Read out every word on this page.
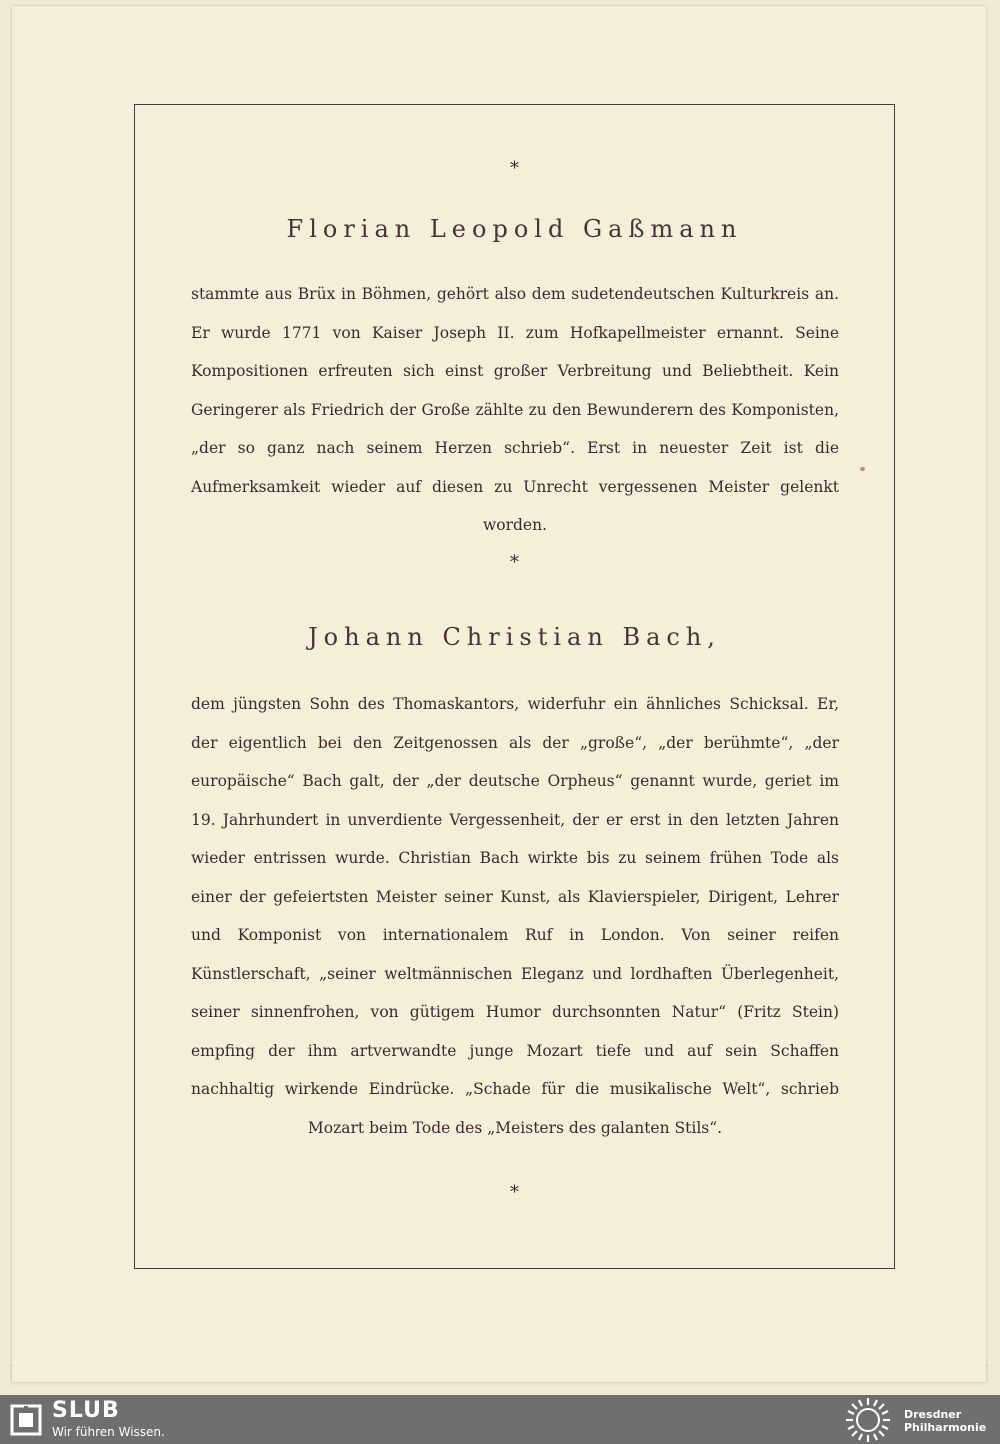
*
Florian Leopold Gaßmann
stammte aus Brüx in Böhmen, gehört also dem sudetendeutschen Kulturkreis an. Er wurde 1771 von Kaiser Joseph II. zum Hofkapellmeister ernannt. Seine Kompositionen erfreuten sich einst großer Verbreitung und Beliebtheit. Kein Geringerer als Friedrich der Große zählte zu den Bewunderern des Komponisten, „der so ganz nach seinem Herzen schrieb“. Erst in neuester Zeit ist die Aufmerksamkeit wieder auf diesen zu Unrecht vergessenen Meister gelenkt worden.
*
Johann Christian Bach,
dem jüngsten Sohn des Thomaskantors, widerfuhr ein ähnliches Schicksal. Er, der eigentlich bei den Zeitgenossen als der „große“, „der berühmte“, „der europäische“ Bach galt, der „der deutsche Orpheus“ genannt wurde, geriet im 19. Jahrhundert in unverdiente Vergessenheit, der er erst in den letzten Jahren wieder entrissen wurde. Christian Bach wirkte bis zu seinem frühen Tode als einer der gefeiertsten Meister seiner Kunst, als Klavierspieler, Dirigent, Lehrer und Komponist von internationalem Ruf in London. Von seiner reifen Künstlerschaft, „seiner weltmännischen Eleganz und lordhaften Überlegenheit, seiner sinnenfrohen, von gütigem Humor durchsonnten Natur“ (Fritz Stein) empfing der ihm artverwandte junge Mozart tiefe und auf sein Schaffen nachhaltig wirkende Eindrücke. „Schade für die musikalische Welt“, schrieb Mozart beim Tode des „Meisters des galanten Stils“.
*
SLUB
Wir führen Wissen.
Dresdner
Philharmonie
